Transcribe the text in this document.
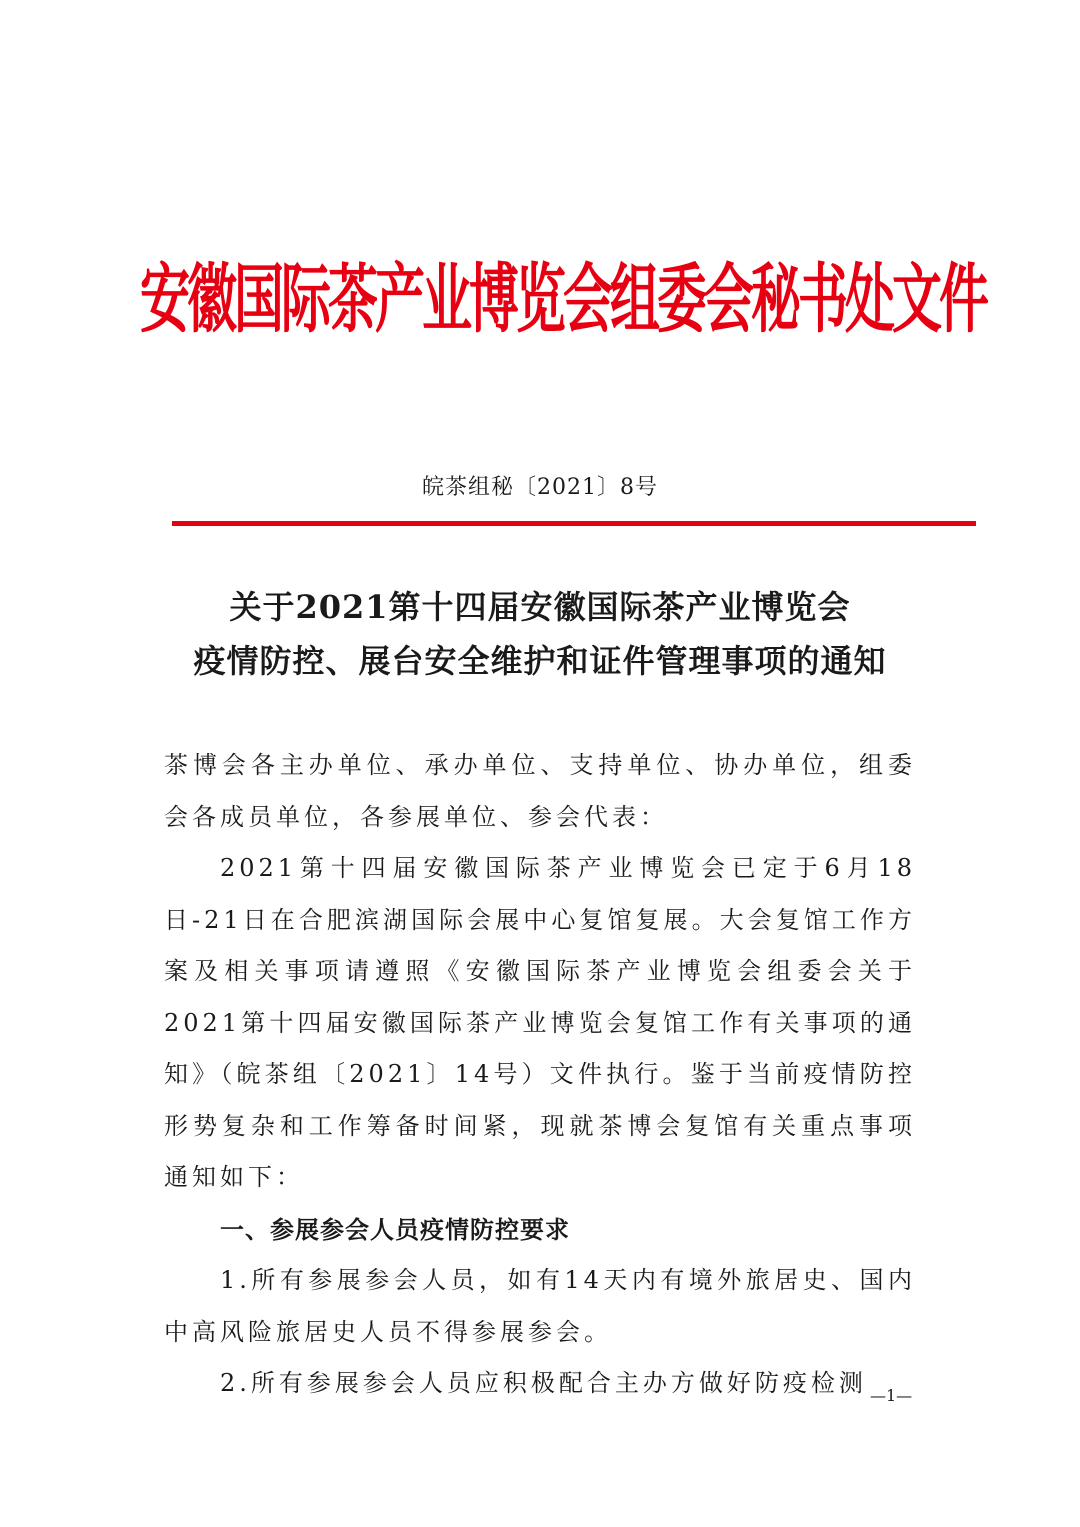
安徽国际茶产业博览会组委会秘书处文件
皖茶组秘〔2021〕8号
关于2021第十四届安徽国际茶产业博览会
疫情防控、展台安全维护和证件管理事项的通知

茶博会各主办单位、承办单位、支持单位、协办单位，组委会各成员单位，各参展单位、参会代表：

2021第十四届安徽国际茶产业博览会已定于6月18日-21日在合肥滨湖国际会展中心复馆复展。大会复馆工作方案及相关事项请遵照《安徽国际茶产业博览会组委会关于2021第十四届安徽国际茶产业博览会复馆工作有关事项的通知》（皖茶组〔2021〕14号）文件执行。鉴于当前疫情防控形势复杂和工作筹备时间紧，现就茶博会复馆有关重点事项通知如下：

一、参展参会人员疫情防控要求

1.所有参展参会人员，如有14天内有境外旅居史、国内中高风险旅居史人员不得参展参会。

2.所有参展参会人员应积极配合主办方做好防疫检测 —1—
